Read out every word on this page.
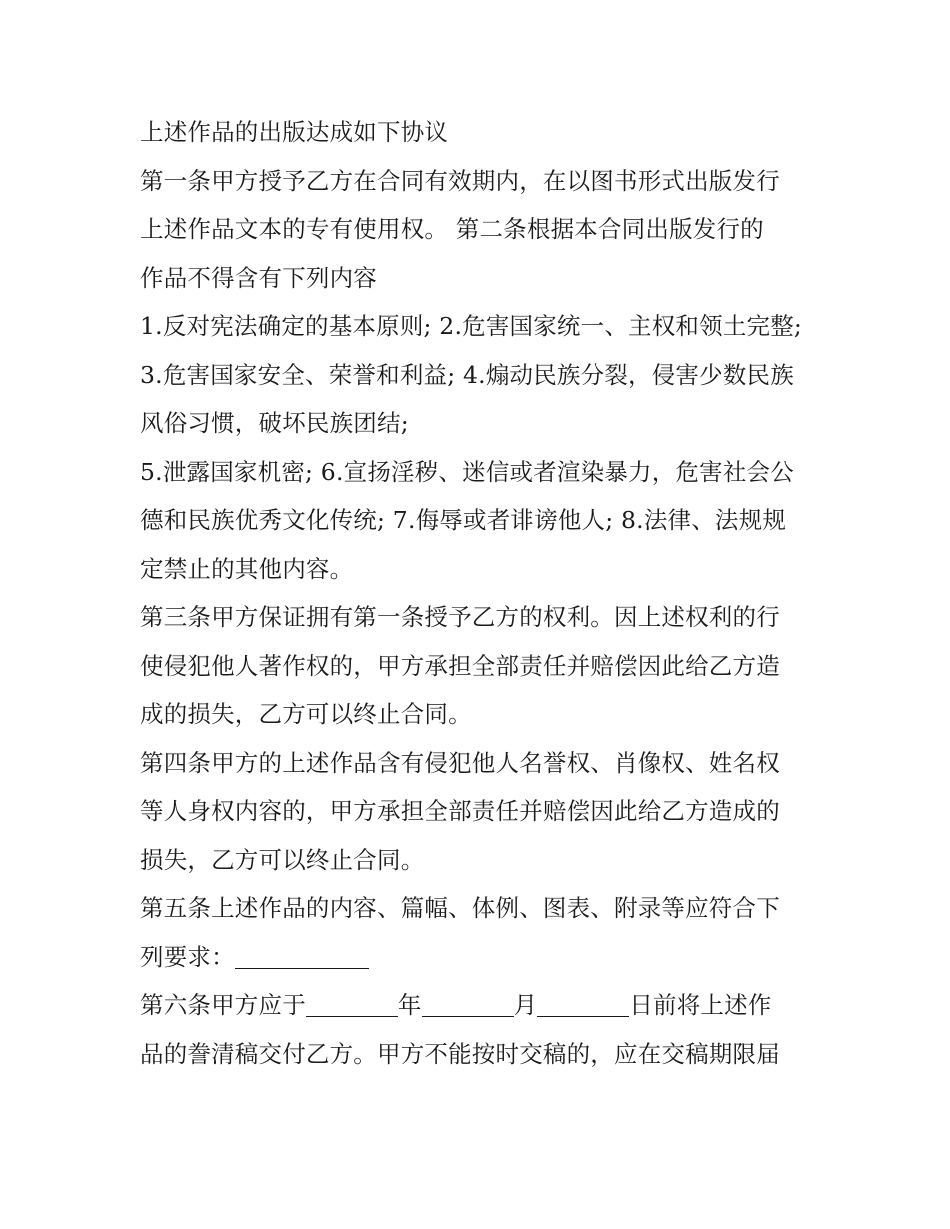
上述作品的出版达成如下协议

第一条甲方授予乙方在合同有效期内，在以图书形式出版发行

上述作品文本的专有使用权。 第二条根据本合同出版发行的

作品不得含有下列内容

1.反对宪法确定的基本原则; 2.危害国家统一、主权和领土完整;

3.危害国家安全、荣誉和利益; 4.煽动民族分裂，侵害少数民族

风俗习惯，破坏民族团结;

5.泄露国家机密; 6.宣扬淫秽、迷信或者渲染暴力，危害社会公

德和民族优秀文化传统; 7.侮辱或者诽谤他人; 8.法律、法规规

定禁止的其他内容。

第三条甲方保证拥有第一条授予乙方的权利。因上述权利的行

使侵犯他人著作权的，甲方承担全部责任并赔偿因此给乙方造

成的损失，乙方可以终止合同。

第四条甲方的上述作品含有侵犯他人名誉权、肖像权、姓名权

等人身权内容的，甲方承担全部责任并赔偿因此给乙方造成的

损失，乙方可以终止合同。

第五条上述作品的内容、篇幅、体例、图表、附录等应符合下

列要求：

第六条甲方应于	年	月	日前将上述作

品的誊清稿交付乙方。甲方不能按时交稿的，应在交稿期限届
